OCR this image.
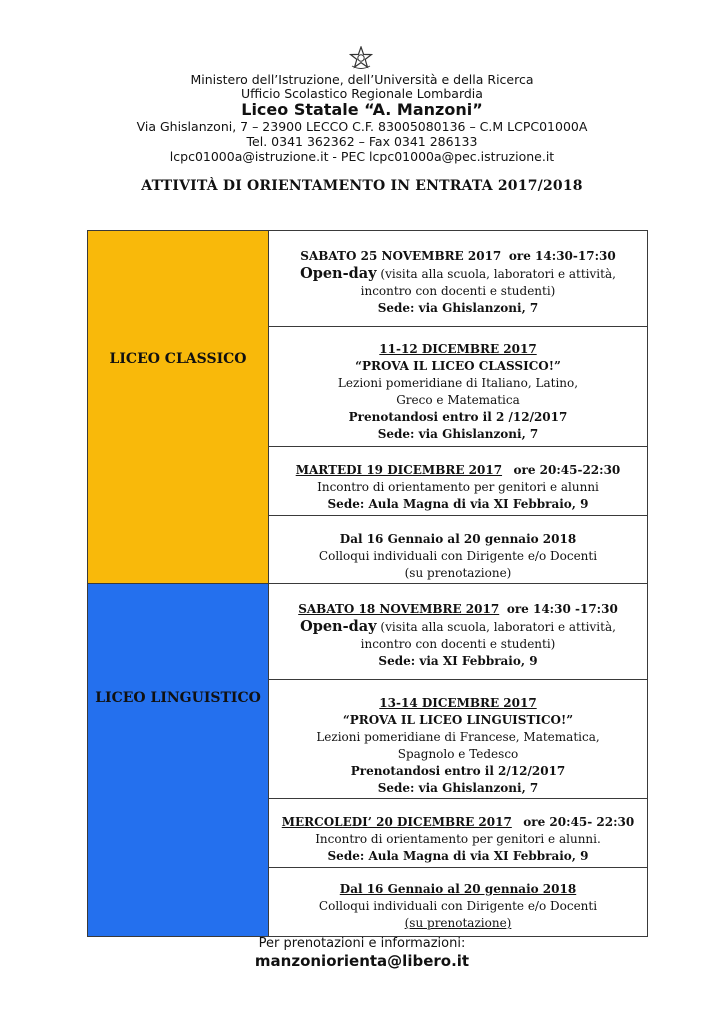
Ministero dell’Istruzione, dell’Università e della Ricerca
Ufficio Scolastico Regionale Lombardia
Liceo Statale “A. Manzoni”
Via Ghislanzoni, 7 – 23900 LECCO C.F. 83005080136 – C.M LCPC01000A
Tel. 0341 362362 – Fax 0341 286133
lcpc01000a@istruzione.it - PEC lcpc01000a@pec.istruzione.it
ATTIVITÀ DI ORIENTAMENTO IN ENTRATA 2017/2018
LICEO CLASSICO
SABATO 25 NOVEMBRE 2017 ore 14:30-17:30
Open-day (visita alla scuola, laboratori e attività,
incontro con docenti e studenti)
Sede: via Ghislanzoni, 7
11-12 DICEMBRE 2017
“PROVA IL LICEO CLASSICO!”
Lezioni pomeridiane di Italiano, Latino,
Greco e Matematica
Prenotandosi entro il 2 /12/2017
Sede: via Ghislanzoni, 7
MARTEDI 19 DICEMBRE 2017 ore 20:45-22:30
Incontro di orientamento per genitori e alunni
Sede: Aula Magna di via XI Febbraio, 9
Dal 16 Gennaio al 20 gennaio 2018
Colloqui individuali con Dirigente e/o Docenti
(su prenotazione)
LICEO LINGUISTICO
SABATO 18 NOVEMBRE 2017 ore 14:30 -17:30
Open-day (visita alla scuola, laboratori e attività,
incontro con docenti e studenti)
Sede: via XI Febbraio, 9
13-14 DICEMBRE 2017
“PROVA IL LICEO LINGUISTICO!”
Lezioni pomeridiane di Francese, Matematica,
Spagnolo e Tedesco
Prenotandosi entro il 2/12/2017
Sede: via Ghislanzoni, 7
MERCOLEDI’ 20 DICEMBRE 2017 ore 20:45- 22:30
Incontro di orientamento per genitori e alunni.
Sede: Aula Magna di via XI Febbraio, 9
Dal 16 Gennaio al 20 gennaio 2018
Colloqui individuali con Dirigente e/o Docenti
(su prenotazione)
Per prenotazioni e informazioni:
manzoniorienta@libero.it
